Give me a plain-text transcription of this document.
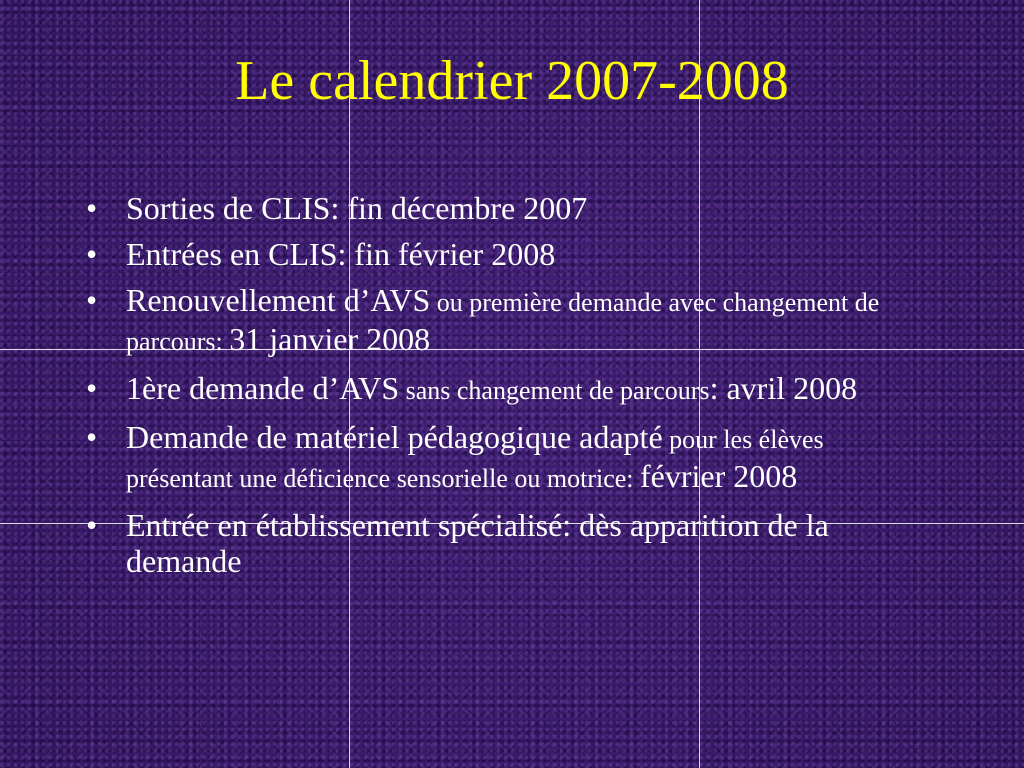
Le calendrier 2007-2008
• Sorties de CLIS: fin décembre 2007
• Entrées en CLIS: fin février 2008
• Renouvellement d’AVS ou première demande avec changement de parcours: 31 janvier 2008
• 1ère demande d’AVS sans changement de parcours: avril 2008
• Demande de matériel pédagogique adapté pour les élèves présentant une déficience sensorielle ou motrice: février 2008
• Entrée en établissement spécialisé: dès apparition de la demande
